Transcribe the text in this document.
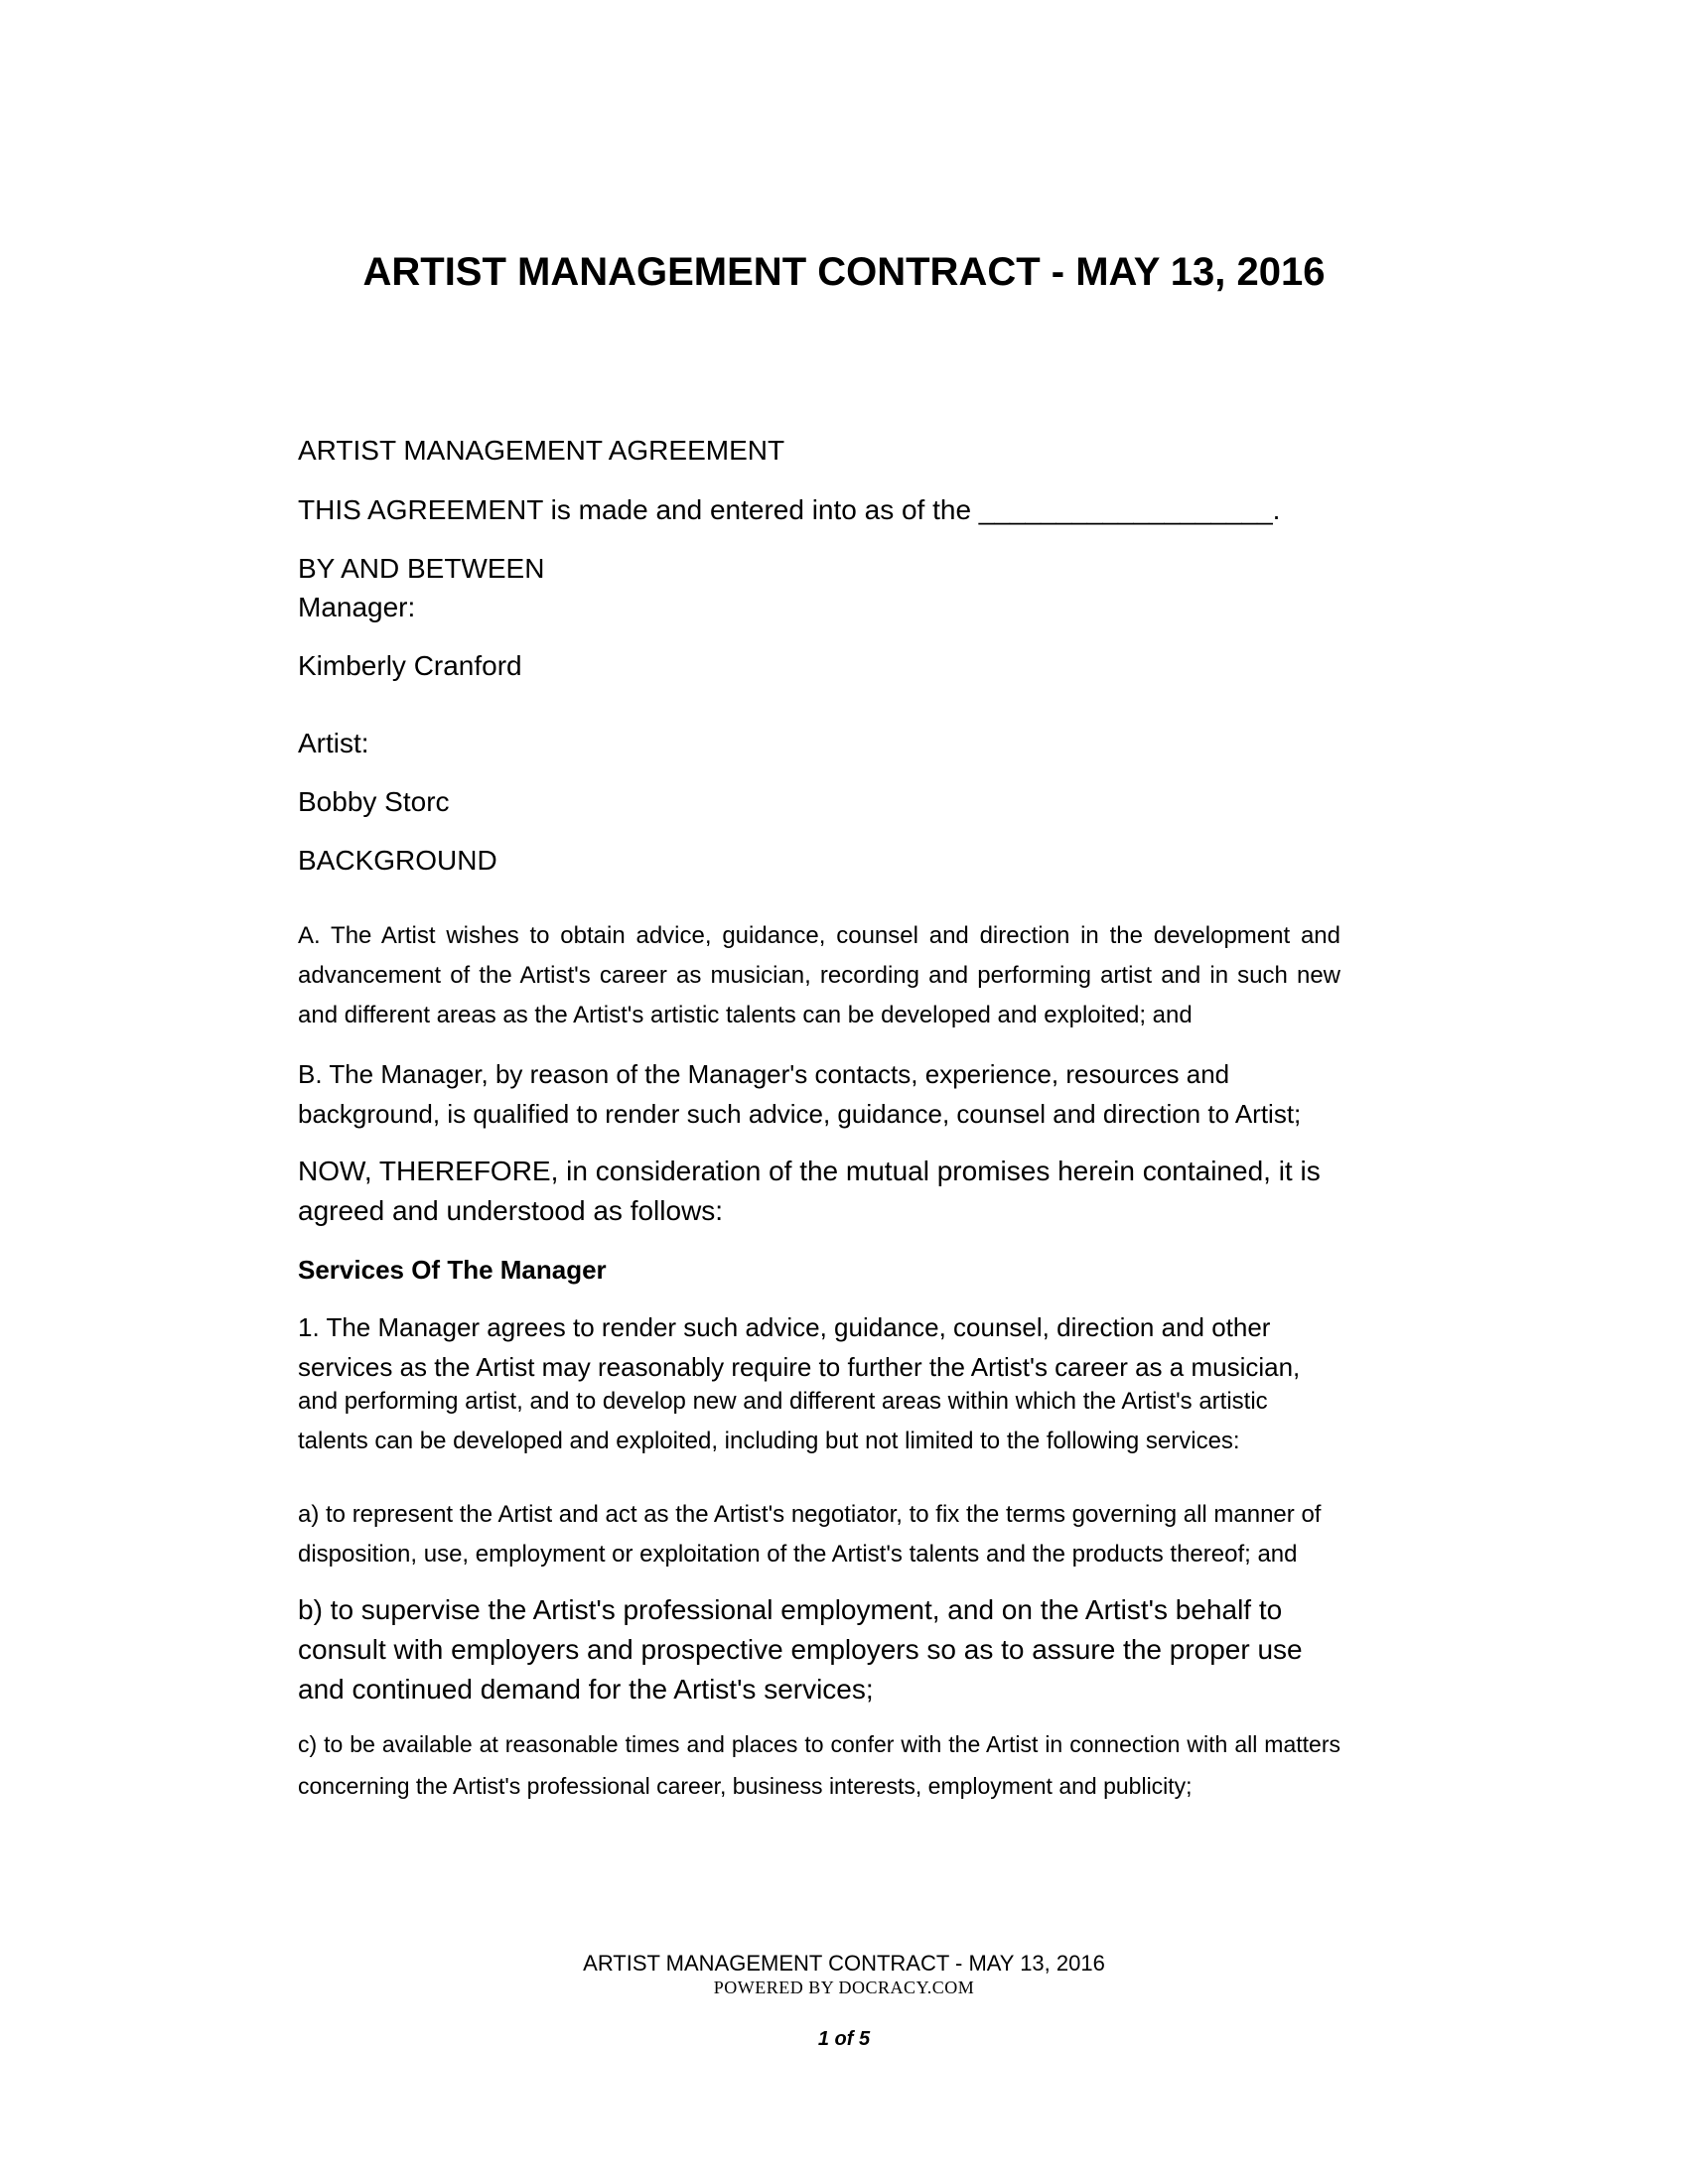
ARTIST MANAGEMENT CONTRACT - MAY 13, 2016

ARTIST MANAGEMENT AGREEMENT

THIS AGREEMENT is made and entered into as of the ___________________.

BY AND BETWEEN

Manager:

Kimberly Cranford

Artist:

Bobby Storc

BACKGROUND

A. The Artist wishes to obtain advice, guidance, counsel and direction in the development and advancement of the Artist's career as musician, recording and performing artist and in such new and different areas as the Artist's artistic talents can be developed and exploited; and

B. The Manager, by reason of the Manager's contacts, experience, resources and background, is qualified to render such advice, guidance, counsel and direction to Artist;

NOW, THEREFORE, in consideration of the mutual promises herein contained, it is agreed and understood as follows:

Services Of The Manager

1. The Manager agrees to render such advice, guidance, counsel, direction and other services as the Artist may reasonably require to further the Artist's career as a musician,

and performing artist, and to develop new and different areas within which the Artist's artistic talents can be developed and exploited, including but not limited to the following services:

a) to represent the Artist and act as the Artist's negotiator, to fix the terms governing all manner of disposition, use, employment or exploitation of the Artist's talents and the products thereof; and

b) to supervise the Artist's professional employment, and on the Artist's behalf to consult with employers and prospective employers so as to assure the proper use and continued demand for the Artist's services;

c) to be available at reasonable times and places to confer with the Artist in connection with all matters concerning the Artist's professional career, business interests, employment and publicity;

ARTIST MANAGEMENT CONTRACT - MAY 13, 2016
POWERED BY DOCRACY.COM
1 of 5
